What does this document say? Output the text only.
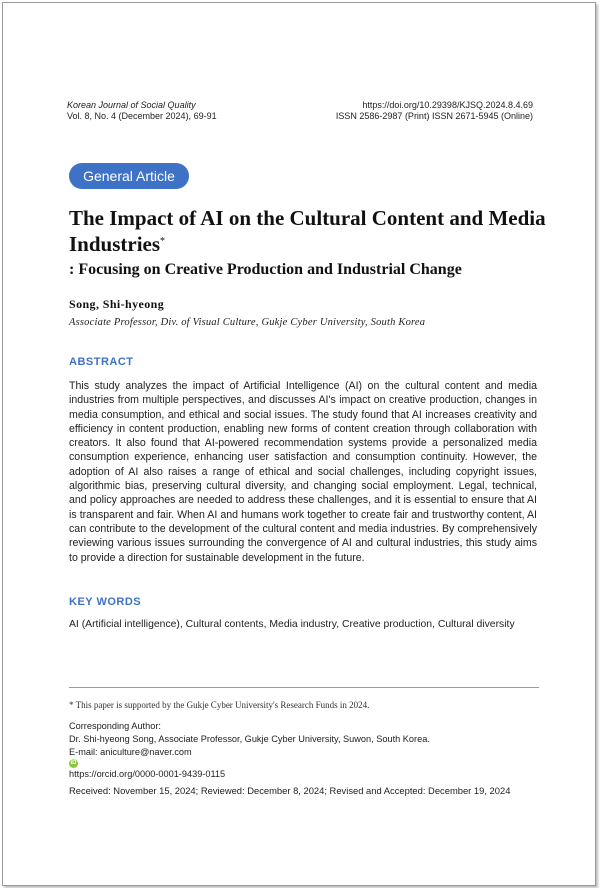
Korean Journal of Social Quality
Vol. 8, No. 4 (December 2024), 69-91
https://doi.org/10.29398/KJSQ.2024.8.4.69
ISSN 2586-2987 (Print) ISSN 2671-5945 (Online)
General Article
The Impact of AI on the Cultural Content and Media
Industries*
: Focusing on Creative Production and Industrial Change
Song, Shi-hyeong
Associate Professor, Div. of Visual Culture, Gukje Cyber University, South Korea
ABSTRACT
This study analyzes the impact of Artificial Intelligence (AI) on the cultural content and media industries from multiple perspectives, and discusses AI's impact on creative production, changes in media consumption, and ethical and social issues. The study found that AI increases creativity and efficiency in content production, enabling new forms of content creation through collaboration with creators. It also found that AI-powered recommendation systems provide a personalized media consumption experience, enhancing user satisfaction and consumption continuity. However, the adoption of AI also raises a range of ethical and social challenges, including copyright issues, algorithmic bias, preserving cultural diversity, and changing social employment. Legal, technical, and policy approaches are needed to address these challenges, and it is essential to ensure that AI is transparent and fair. When AI and humans work together to create fair and trustworthy content, AI can contribute to the development of the cultural content and media industries. By comprehensively reviewing various issues surrounding the convergence of AI and cultural industries, this study aims to provide a direction for sustainable development in the future.
KEY WORDS
AI (Artificial intelligence), Cultural contents, Media industry, Creative production, Cultural diversity
* This paper is supported by the Gukje Cyber University's Research Funds in 2024.
Corresponding Author:
Dr. Shi-hyeong Song, Associate Professor, Gukje Cyber University, Suwon, South Korea.
E-mail: aniculture@naver.com
iD
https://orcid.org/0000-0001-9439-0115
Received: November 15, 2024; Reviewed: December 8, 2024; Revised and Accepted: December 19, 2024
